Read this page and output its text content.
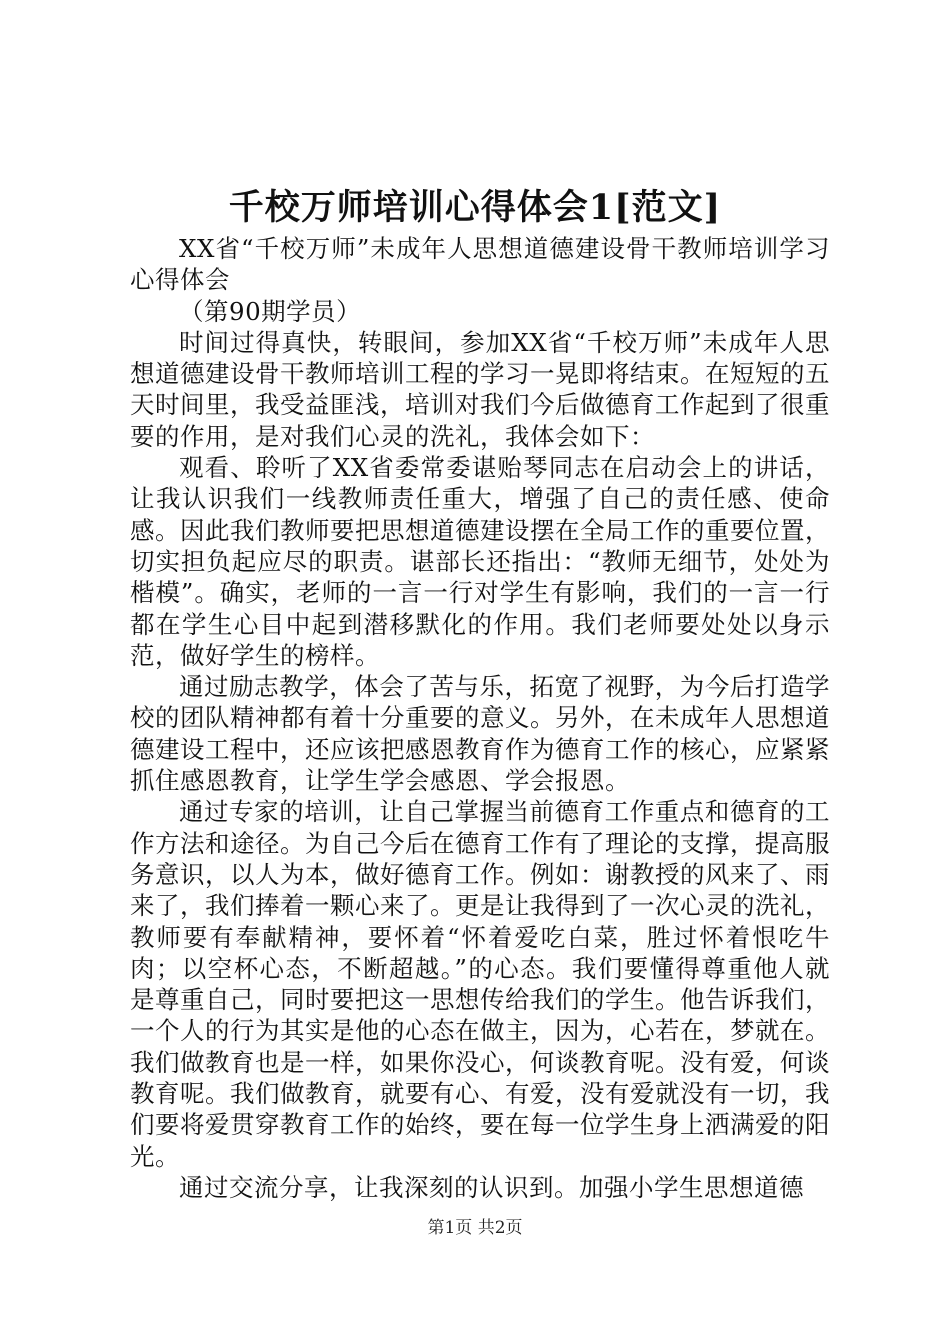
千校万师培训心得体会1[范文]

XX省“千校万师”未成年人思想道德建设骨干教师培训学习心得体会

（第90期学员）

时间过得真快，转眼间，参加XX省“千校万师”未成年人思想道德建设骨干教师培训工程的学习一晃即将结束。在短短的五天时间里，我受益匪浅，培训对我们今后做德育工作起到了很重要的作用，是对我们心灵的洗礼，我体会如下：

观看、聆听了XX省委常委谌贻琴同志在启动会上的讲话，让我认识我们一线教师责任重大，增强了自己的责任感、使命感。因此我们教师要把思想道德建设摆在全局工作的重要位置，切实担负起应尽的职责。谌部长还指出：“教师无细节，处处为楷模”。确实，老师的一言一行对学生有影响，我们的一言一行都在学生心目中起到潜移默化的作用。我们老师要处处以身示范，做好学生的榜样。

通过励志教学，体会了苦与乐，拓宽了视野，为今后打造学校的团队精神都有着十分重要的意义。另外，在未成年人思想道德建设工程中，还应该把感恩教育作为德育工作的核心，应紧紧抓住感恩教育，让学生学会感恩、学会报恩。

通过专家的培训，让自己掌握当前德育工作重点和德育的工作方法和途径。为自己今后在德育工作有了理论的支撑，提高服务意识，以人为本，做好德育工作。例如：谢教授的风来了、雨来了，我们捧着一颗心来了。更是让我得到了一次心灵的洗礼，教师要有奉献精神，要怀着“怀着爱吃白菜，胜过怀着恨吃牛肉；以空杯心态，不断超越。”的心态。我们要懂得尊重他人就是尊重自己，同时要把这一思想传给我们的学生。他告诉我们，一个人的行为其实是他的心态在做主，因为，心若在，梦就在。我们做教育也是一样，如果你没心，何谈教育呢。没有爱，何谈教育呢。我们做教育，就要有心、有爱，没有爱就没有一切，我们要将爱贯穿教育工作的始终，要在每一位学生身上洒满爱的阳光。

通过交流分享，让我深刻的认识到。加强小学生思想道德

第1页 共2页
